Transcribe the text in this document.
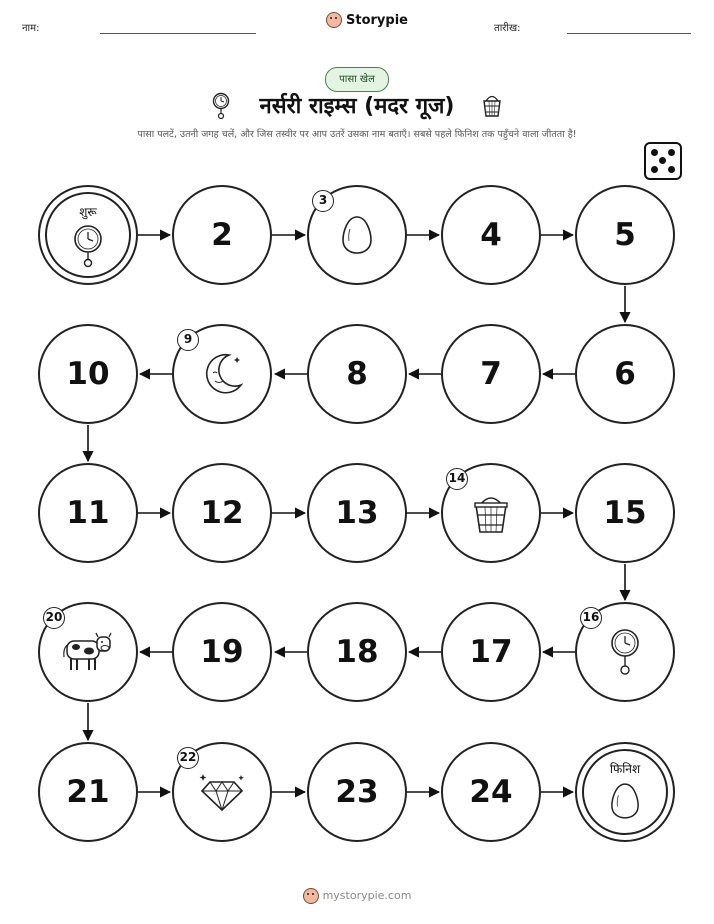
नाम:
Storypie
तारीख:
पासा खेल
नर्सरी राइम्स (मदर गूज)
पासा पलटें, उतनी जगह चलें, और जिस तस्वीर पर आप उतरें उसका नाम बताएँ। सबसे पहले फिनिश तक पहुँचने वाला जीतता है!
शुरू
2
3
4	5
10
9
8	7	6
11	12	13
14
15
20
19	18	17
16
21
22
23	24
फिनिश
mystorypie.com
